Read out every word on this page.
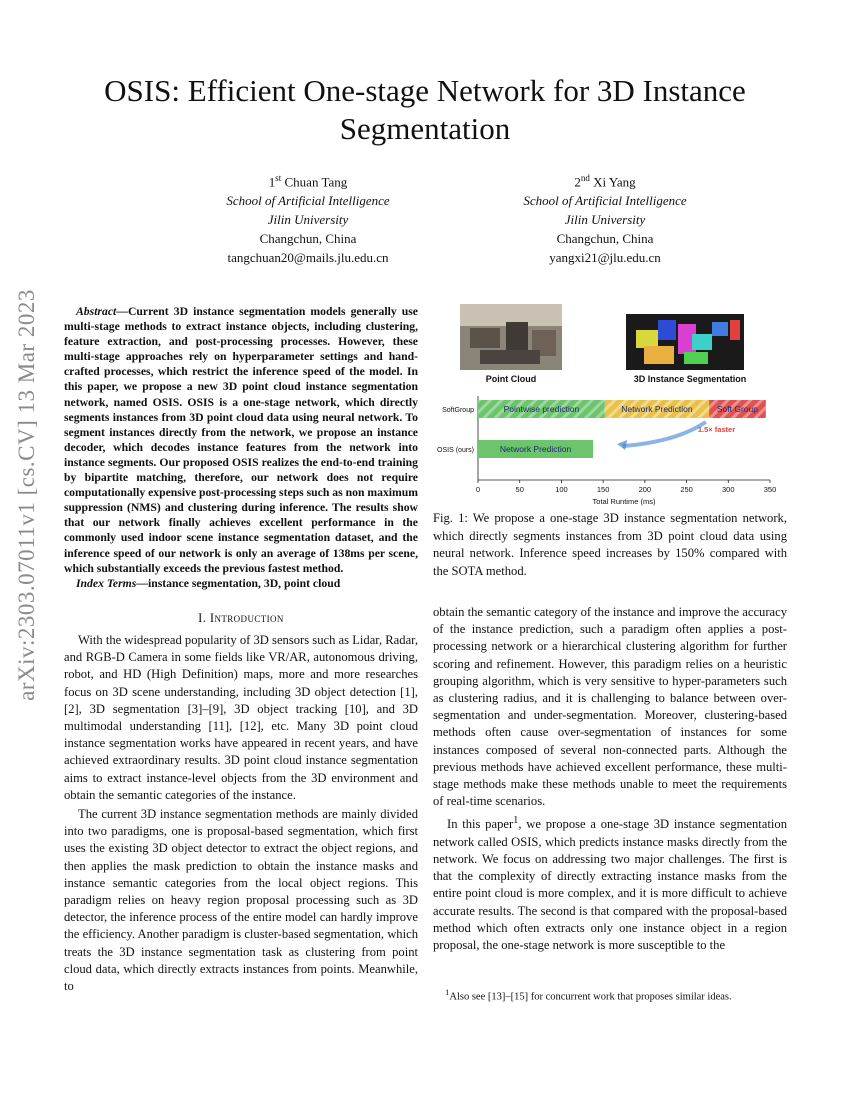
arXiv:2303.07011v1 [cs.CV] 13 Mar 2023
OSIS: Efficient One-stage Network for 3D Instance Segmentation
1st Chuan Tang
School of Artificial Intelligence
Jilin University
Changchun, China
tangchuan20@mails.jlu.edu.cn
2nd Xi Yang
School of Artificial Intelligence
Jilin University
Changchun, China
yangxi21@jlu.edu.cn

Abstract—Current 3D instance segmentation models generally use multi-stage methods to extract instance objects, including clustering, feature extraction, and post-processing processes. However, these multi-stage approaches rely on hyperparameter settings and hand-crafted processes, which restrict the inference speed of the model. In this paper, we propose a new 3D point cloud instance segmentation network, named OSIS. OSIS is a one-stage network, which directly segments instances from 3D point cloud data using neural network. To segment instances directly from the network, we propose an instance decoder, which decodes instance features from the network into instance segments. Our proposed OSIS realizes the end-to-end training by bipartite matching, therefore, our network does not require computationally expensive post-processing steps such as non maximum suppression (NMS) and clustering during inference. The results show that our network finally achieves excellent performance in the commonly used indoor scene instance segmentation dataset, and the inference speed of our network is only an average of 138ms per scene, which substantially exceeds the previous fastest method.

Index Terms—instance segmentation, 3D, point cloud

I. Introduction

With the widespread popularity of 3D sensors such as Lidar, Radar, and RGB-D Camera in some fields like VR/AR, autonomous driving, robot, and HD (High Definition) maps, more and more researches focus on 3D scene understanding, including 3D object detection [1], [2], 3D segmentation [3]–[9], 3D object tracking [10], and 3D multimodal understanding [11], [12], etc. Many 3D point cloud instance segmentation works have appeared in recent years, and have achieved extraordinary results. 3D point cloud instance segmentation aims to extract instance-level objects from the 3D environment and obtain the semantic categories of the instance.

The current 3D instance segmentation methods are mainly divided into two paradigms, one is proposal-based segmentation, which first uses the existing 3D object detector to extract the object regions, and then applies the mask prediction to obtain the instance masks and instance semantic categories from the local object regions. This paradigm relies on heavy region proposal processing such as 3D detector, the inference process of the entire model can hardly improve the efficiency. Another paradigm is cluster-based segmentation, which treats the 3D instance segmentation task as clustering from point cloud data, which directly extracts instances from points. Meanwhile, to

Point Cloud	3D Instance Segmentation
SoftGroup
OSIS (ours)
Pointwise prediction	Network Prediction	Soft Group
Network Prediction
0	50	100	150	200	250	300	350
Total Runtime (ms)
1.5× faster
Fig. 1: We propose a one-stage 3D instance segmentation network, which directly segments instances from 3D point cloud data using neural network. Inference speed increases by 150% compared with the SOTA method.

obtain the semantic category of the instance and improve the accuracy of the instance prediction, such a paradigm often applies a post-processing network or a hierarchical clustering algorithm for further scoring and refinement. However, this paradigm relies on a heuristic grouping algorithm, which is very sensitive to hyper-parameters such as clustering radius, and it is challenging to balance between over-segmentation and under-segmentation. Moreover, clustering-based methods often cause over-segmentation of instances for some instances composed of several non-connected parts. Although the previous methods have achieved excellent performance, these multi-stage methods make these methods unable to meet the requirements of real-time scenarios.

In this paper$^1$, we propose a one-stage 3D instance segmentation network called OSIS, which predicts instance masks directly from the network. We focus on addressing two major challenges. The first is that the complexity of directly extracting instance masks from the entire point cloud is more complex, and it is more difficult to achieve accurate results. The second is that compared with the proposal-based method which often extracts only one instance object in a region proposal, the one-stage network is more susceptible to the

$^1$Also see [13]–[15] for concurrent work that proposes similar ideas.
